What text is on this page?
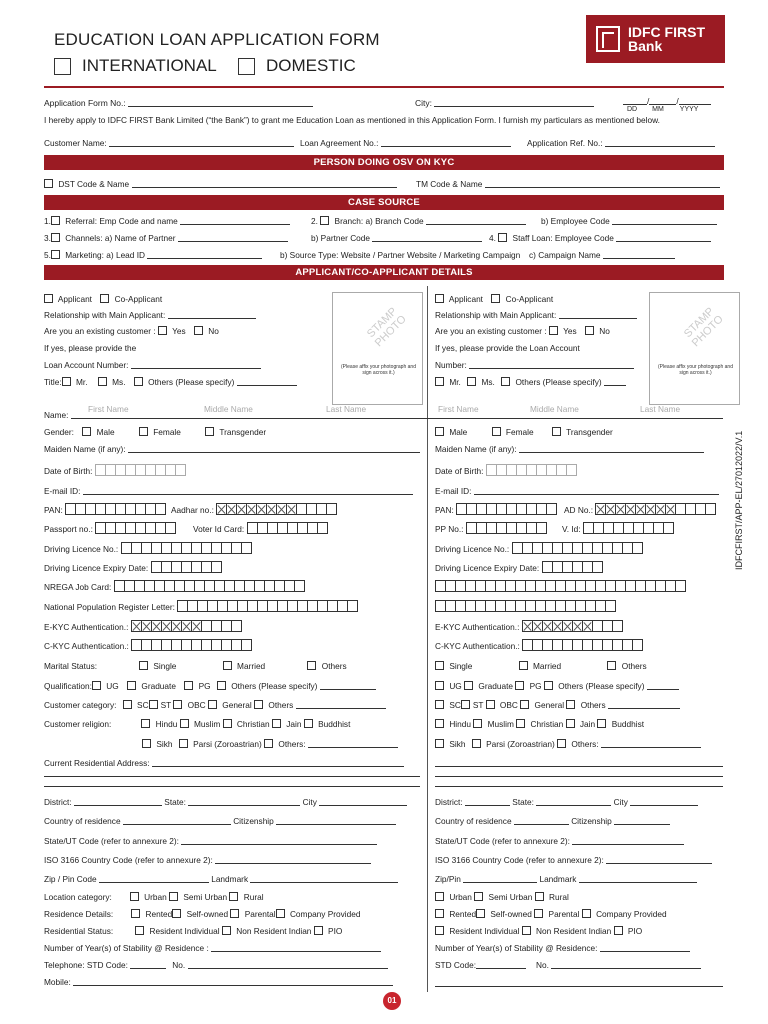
EDUCATION LOAN APPLICATION FORM
INTERNATIONAL	DOMESTIC
IDFC FIRST
Bank
Application Form No.:	City:	/	/
DD MM YYYY
I hereby apply to IDFC FIRST Bank Limited (“the Bank”) to grant me Education Loan as mentioned in this Application Form. I furnish my particulars as mentioned below.
Customer Name:	Loan Agreement No.:	Application Ref. No.:
PERSON DOING OSV ON KYC
DST Code & Name	TM Code & Name
CASE SOURCE
1. Referral: Emp Code and name	2. Branch: a) Branch Code	b) Employee Code
3. Channels: a) Name of Partner	b) Partner Code	4. Staff Loan: Employee Code
5. Marketing: a) Lead ID	b) Source Type: Website / Partner Website / Marketing Campaign c) Campaign Name
APPLICANT/CO-APPLICANT DETAILS
STAMP PHOTO
(Please affix your photograph and sign across it.)
STAMP PHOTO
(Please affix your photograph and sign across it.)
Applicant	Co-Applicant
Relationship with Main Applicant:
Are you an existing customer : Yes	No
If yes, please provide the
Loan Account Number:
Title: Mr.	Ms.	Others (Please specify)
Name:
First Name	Middle Name	Last Name
Gender:	Male	Female	Transgender
Maiden Name (if any):
Date of Birth:
E-mail ID:
PAN:	Aadhar no.:
Passport no.:	Voter Id Card:
Driving Licence No.:
Driving Licence Expiry Date:
NREGA Job Card:
National Population Register Letter:
E-KYC Authentication.:
C-KYC Authentication.:
Marital Status:	Single	Married	Others
Qualification: UG	Graduate	PG Others (Please specify)
Customer category: SC ST OBC General Others
Customer religion:	Hindu Muslim Christian Jain Buddhist
Sikh Parsi (Zoroastrian) Others:
Current Residential Address:
District:	State:	City
Country of residence	Citizenship
State/UT Code (refer to annexure 2):
ISO 3166 Country Code (refer to annexure 2):
Zip / Pin Code	Landmark
Location category:	Urban Semi Urban Rural
Residence Details:	Rented Self-owned Parental Company Provided
Residential Status:	Resident Individual Non Resident Indian PIO
Number of Year(s) of Stability @ Residence :
Telephone: STD Code:	No.
Mobile:
Applicant	Co-Applicant
Relationship with Main Applicant:
Are you an existing customer : Yes	No
If yes, please provide the Loan Account
Number:
Mr. Ms. Others (Please specify)
First Name	Middle Name	Last Name
Male	Female	Transgender
Maiden Name (if any):
Date of Birth:
E-mail ID:
PAN:	AD No.:
PP No.:	V. Id:
Driving Licence No.:
Driving Licence Expiry Date:
E-KYC Authentication.:
C-KYC Authentication.:
Single	Married	Others
UG Graduate PG Others (Please specify)
SC ST OBC General Others
Hindu Muslim Christian Jain Buddhist
Sikh Parsi (Zoroastrian) Others:
District:	State:	City
Country of residence	Citizenship
State/UT Code (refer to annexure 2):
ISO 3166 Country Code (refer to annexure 2):
Zip/Pin	Landmark
Urban Semi Urban Rural
Rented Self-owned Parental Company Provided
Resident Individual Non Resident Indian PIO
Number of Year(s) of Stability @ Residence:
STD Code:	No.
IDFCFIRST/APP-EL/27012022/V.1
01
